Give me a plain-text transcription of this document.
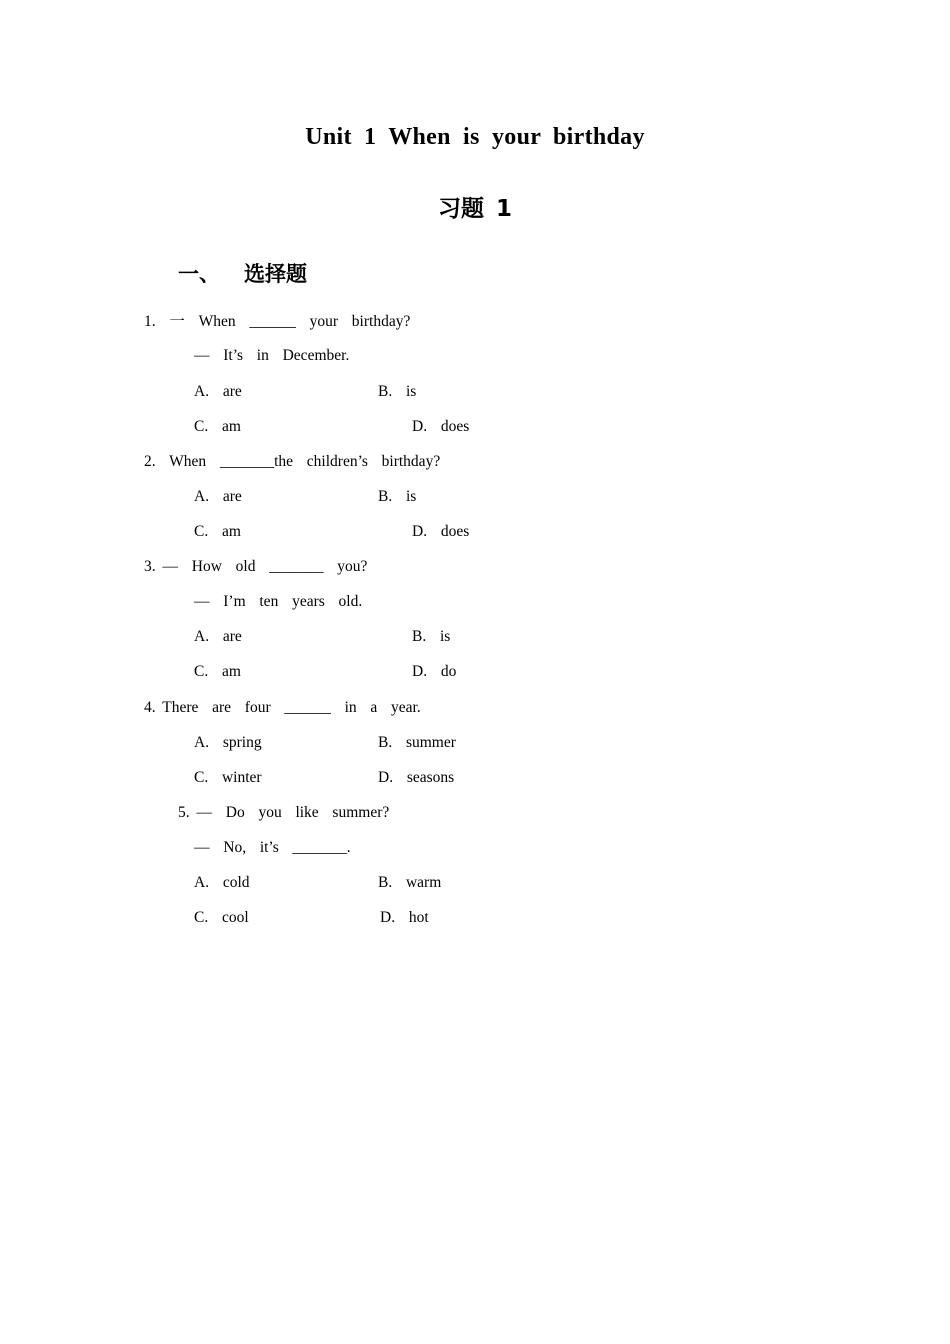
Unit 1 When is your birthday
习题 1
一、 选择题
1.  一  When  ______  your  birthday?
—  It’s  in  December.
A.  are	B.  is
C.  am	D.  does
2.  When  _______the  children’s  birthday?
A.  are	B.  is
C.  am	D.  does
3. —  How  old  _______  you?
—  I’m  ten  years  old.
A.  are	B.  is
C.  am	D.  do
4. There  are  four  ______  in  a  year.
A.  spring	B.  summer
C.  winter	D.  seasons
5. —  Do  you  like  summer?
—  No,  it’s  _______.
A.  cold	B.  warm
C.  cool	D.  hot
